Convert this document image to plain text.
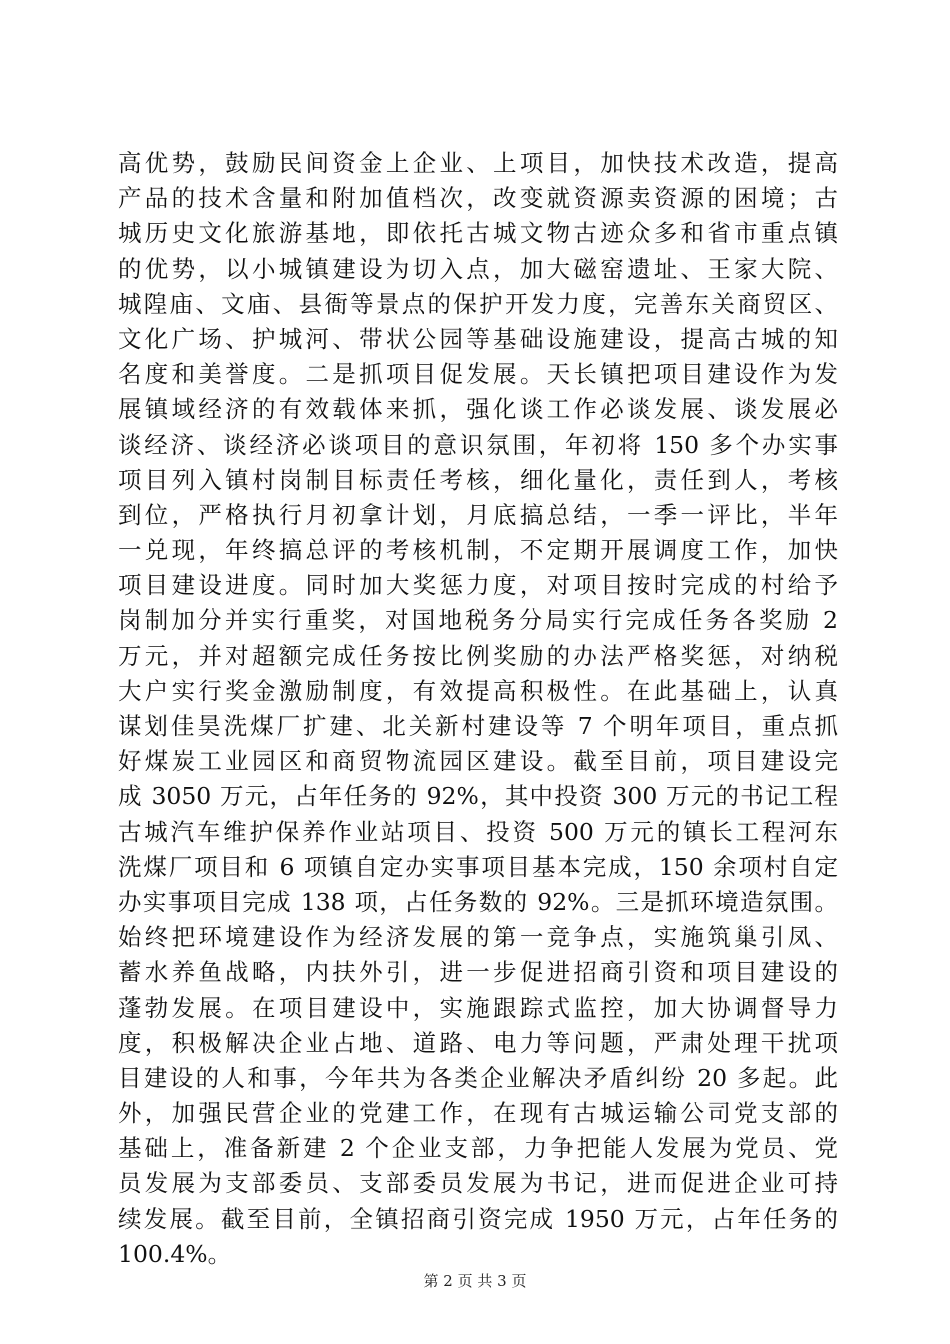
高优势，鼓励民间资金上企业、上项目，加快技术改造，提高
产品的技术含量和附加值档次，改变就资源卖资源的困境；古
城历史文化旅游基地，即依托古城文物古迹众多和省市重点镇
的优势，以小城镇建设为切入点，加大磁窑遗址、王家大院、
城隍庙、文庙、县衙等景点的保护开发力度，完善东关商贸区、
文化广场、护城河、带状公园等基础设施建设，提高古城的知
名度和美誉度。二是抓项目促发展。天长镇把项目建设作为发
展镇域经济的有效载体来抓，强化谈工作必谈发展、谈发展必
谈经济、谈经济必谈项目的意识氛围，年初将 150 多个办实事
项目列入镇村岗制目标责任考核，细化量化，责任到人，考核
到位，严格执行月初拿计划，月底搞总结，一季一评比，半年
一兑现，年终搞总评的考核机制，不定期开展调度工作，加快
项目建设进度。同时加大奖惩力度，对项目按时完成的村给予
岗制加分并实行重奖，对国地税务分局实行完成任务各奖励 2
万元，并对超额完成任务按比例奖励的办法严格奖惩，对纳税
大户实行奖金激励制度，有效提高积极性。在此基础上，认真
谋划佳昊洗煤厂扩建、北关新村建设等 7 个明年项目，重点抓
好煤炭工业园区和商贸物流园区建设。截至目前，项目建设完
成 3050 万元，占年任务的 92%，其中投资 300 万元的书记工程
古城汽车维护保养作业站项目、投资 500 万元的镇长工程河东
洗煤厂项目和 6 项镇自定办实事项目基本完成，150 余项村自定
办实事项目完成 138 项，占任务数的 92%。三是抓环境造氛围。
始终把环境建设作为经济发展的第一竞争点，实施筑巢引凤、
蓄水养鱼战略，内扶外引，进一步促进招商引资和项目建设的
蓬勃发展。在项目建设中，实施跟踪式监控，加大协调督导力
度，积极解决企业占地、道路、电力等问题，严肃处理干扰项
目建设的人和事，今年共为各类企业解决矛盾纠纷 20 多起。此
外，加强民营企业的党建工作，在现有古城运输公司党支部的
基础上，准备新建 2 个企业支部，力争把能人发展为党员、党
员发展为支部委员、支部委员发展为书记，进而促进企业可持
续发展。截至目前，全镇招商引资完成 1950 万元，占年任务的
100.4%。
第 2 页 共 3 页
